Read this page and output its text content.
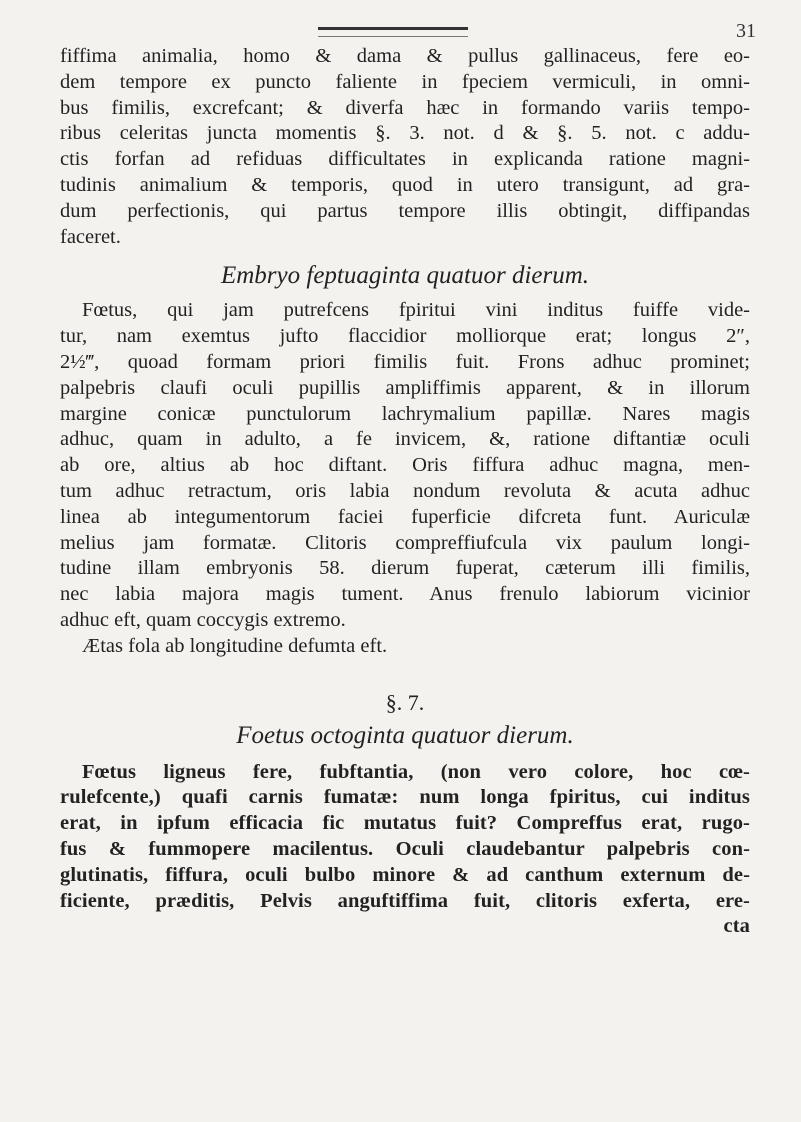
31
fiffima animalia, homo & dama & pullus gallinaceus, fere eo-
dem tempore ex puncto faliente in fpeciem vermiculi, in omni-
bus fimilis, excrefcant; & diverfa hæc in formando variis tempo-
ribus celeritas juncta momentis §. 3. not. d & §. 5. not. c addu-
ctis forfan ad refiduas difficultates in explicanda ratione magni-
tudinis animalium & temporis, quod in utero transigunt, ad gra-
dum perfectionis, qui partus tempore illis obtingit, diffipandas
faceret.
Embryo feptuaginta quatuor dierum.
Fœtus, qui jam putrefcens fpiritui vini inditus fuiffe vide-
tur, nam exemtus jufto flaccidior molliorque erat; longus 2″,
2½‴, quoad formam priori fimilis fuit. Frons adhuc prominet;
palpebris claufi oculi pupillis ampliffimis apparent, & in illorum
margine conicæ punctulorum lachrymalium papillæ. Nares magis
adhuc, quam in adulto, a fe invicem, &, ratione diftantiæ oculi
ab ore, altius ab hoc diftant. Oris fiffura adhuc magna, men-
tum adhuc retractum, oris labia nondum revoluta & acuta adhuc
linea ab integumentorum faciei fuperficie difcreta funt. Auriculæ
melius jam formatæ. Clitoris compreffiufcula vix paulum longi-
tudine illam embryonis 58. dierum fuperat, cæterum illi fimilis,
nec labia majora magis tument. Anus frenulo labiorum vicinior
adhuc eft, quam coccygis extremo.
Ætas fola ab longitudine defumta eft.
§. 7.
Foetus octoginta quatuor dierum.
Fœtus ligneus fere, fubftantia, (non vero colore, hoc cœ-
rulefcente,) quafi carnis fumatæ: num longa fpiritus, cui inditus
erat, in ipfum efficacia fic mutatus fuit? Compreffus erat, rugo-
fus & fummopere macilentus. Oculi claudebantur palpebris con-
glutinatis, fiffura, oculi bulbo minore & ad canthum externum de-
ficiente, præditis, Pelvis anguftiffima fuit, clitoris exferta, ere-
cta
